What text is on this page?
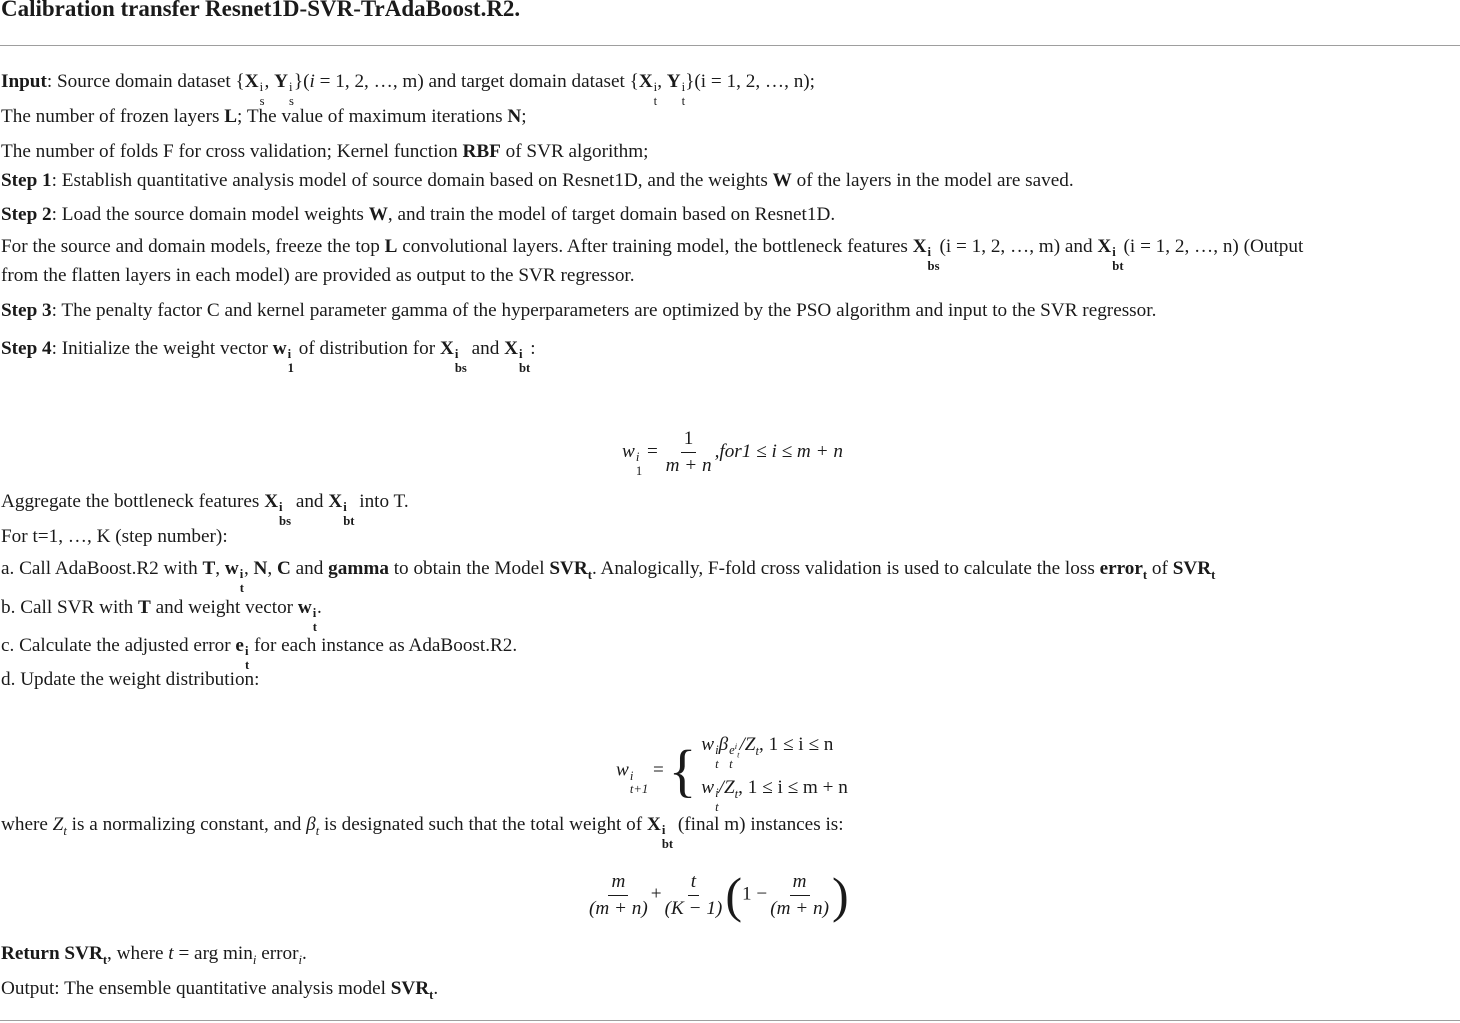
Calibration transfer Resnet1D-SVR-TrAdaBoost.R2.
Input: Source domain dataset {X i
s
, Y i
s
}(i = 1, 2, …, m) and target domain dataset {X i
t
, Y i
t
}(i = 1, 2, …, n);
The number of frozen layers L; The value of maximum iterations N;
The number of folds F for cross validation; Kernel function RBF of SVR algorithm;
Step 1: Establish quantitative analysis model of source domain based on Resnet1D, and the weights W of the layers in the model are saved.
Step 2: Load the source domain model weights W, and train the model of target domain based on Resnet1D.
For the source and domain models, freeze the top L convolutional layers. After training model, the bottleneck features X i
bs
(i = 1, 2, …, m) and X i
bt
(i = 1, 2, …, n) (Output
from the flatten layers in each model) are provided as output to the SVR regressor.
Step 3: The penalty factor C and kernel parameter gamma of the hyperparameters are optimized by the PSO algorithm and input to the SVR regressor.
Step 4: Initialize the weight vector w i
1
of distribution for X i
bs
and X i
bt
:
w i
1
= $\frac{1}{m + n} ,for1 \le i \le m + n$
Aggregate the bottleneck features X i
bs
and X i
bt
into T.
For t=1, …, K (step number):
a. Call AdaBoost.R2 with T, w i
t
, N, C and gamma to obtain the Model $SVR_t$. Analogically, F-fold cross validation is used to calculate the loss error$_t$ of $SVR_t$
b. Call SVR with T and weight vector w i
t
.
c. Calculate the adjusted error e i
t
for each instance as AdaBoost.R2.
d. Update the weight distribution:
w i
t+1
= { w i
t
β $e^i_t$
t
$/Z_t$, 1 ≤ i ≤ n
w i
t
$/Z_t$, 1 ≤ i ≤ m + n
where $Z_t$ is a normalizing constant, and $\beta_t$ is designated such that the total weight of X i
bt
(final m) instances is:
$\frac{m}{(m + n)} + \frac{t}{(K - 1)} (1 - \frac{m}{(m + n)}$ )
Return $SVR_t$, where t = arg $\min_i$ error$_i$.
Output: The ensemble quantitative analysis model $SVR_t$.
